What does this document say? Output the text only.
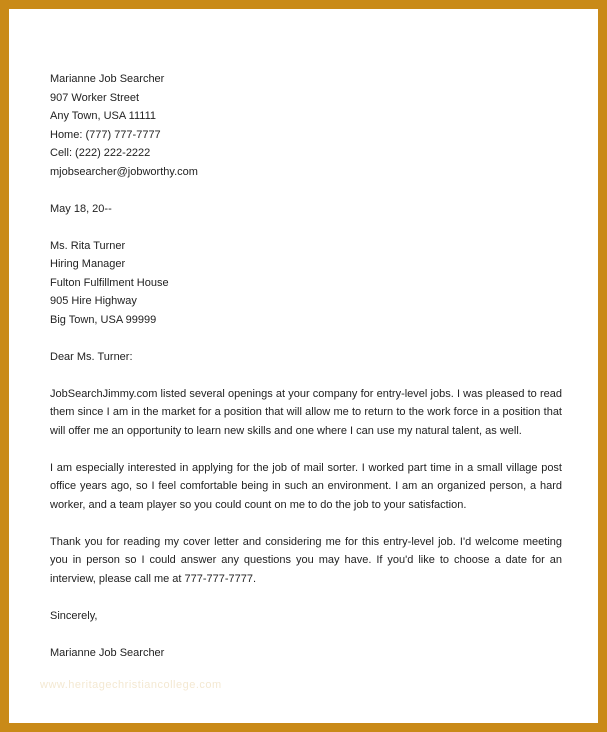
Marianne Job Searcher
907 Worker Street
Any Town, USA 11111
Home: (777) 777-7777
Cell: (222) 222-2222
mjobsearcher@jobworthy.com
May 18, 20--
Ms. Rita Turner
Hiring Manager
Fulton Fulfillment House
905 Hire Highway
Big Town, USA 99999
Dear Ms. Turner:

JobSearchJimmy.com listed several openings at your company for entry-level jobs. I was pleased to read them since I am in the market for a position that will allow me to return to the work force in a position that will offer me an opportunity to learn new skills and one where I can use my natural talent, as well.

I am especially interested in applying for the job of mail sorter. I worked part time in a small village post office years ago, so I feel comfortable being in such an environment. I am an organized person, a hard worker, and a team player so you could count on me to do the job to your satisfaction.

Thank you for reading my cover letter and considering me for this entry-level job. I'd welcome meeting you in person so I could answer any questions you may have. If you'd like to choose a date for an interview, please call me at 777-777-7777.

Sincerely,
Marianne Job Searcher
www.heritagechristiancollege.com
